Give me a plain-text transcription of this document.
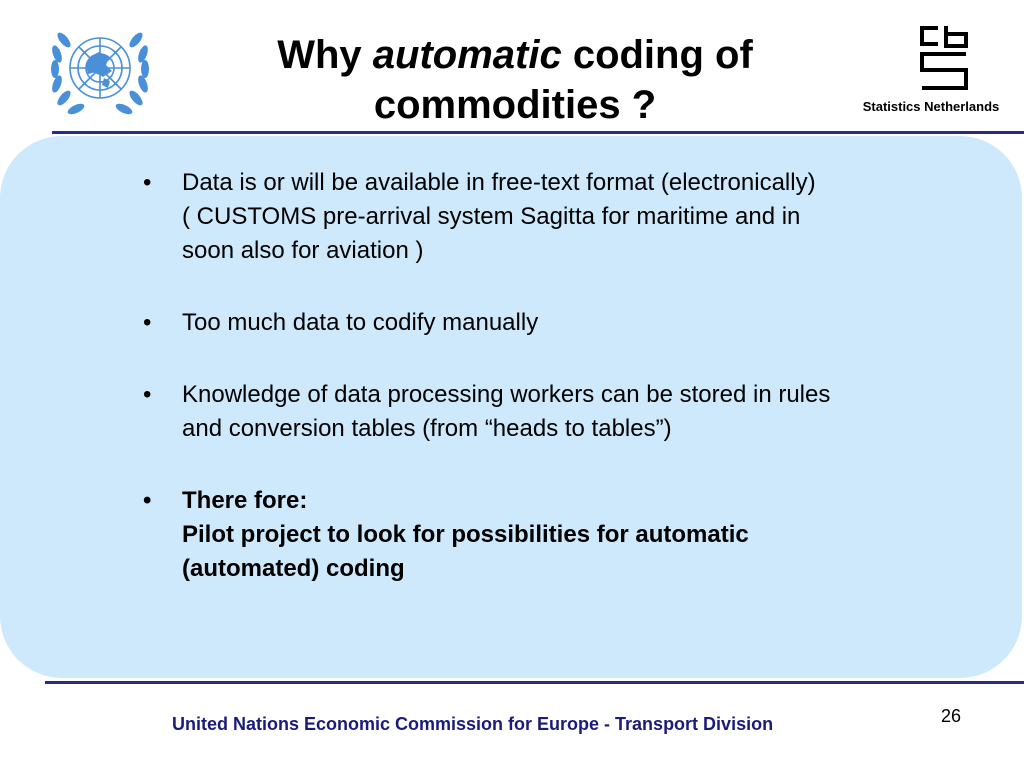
Why automatic coding of
commodities ?	Statistics Netherlands
• Data is or will be available in free-text format (electronically)
( CUSTOMS pre-arrival system Sagitta for maritime and in
soon also for aviation )
• Too much data to codify manually
• Knowledge of data processing workers can be stored in rules
and conversion tables (from “heads to tables”)
• There fore:
Pilot project to look for possibilities for automatic
(automated) coding
United Nations Economic Commission for Europe - Transport Division	26
